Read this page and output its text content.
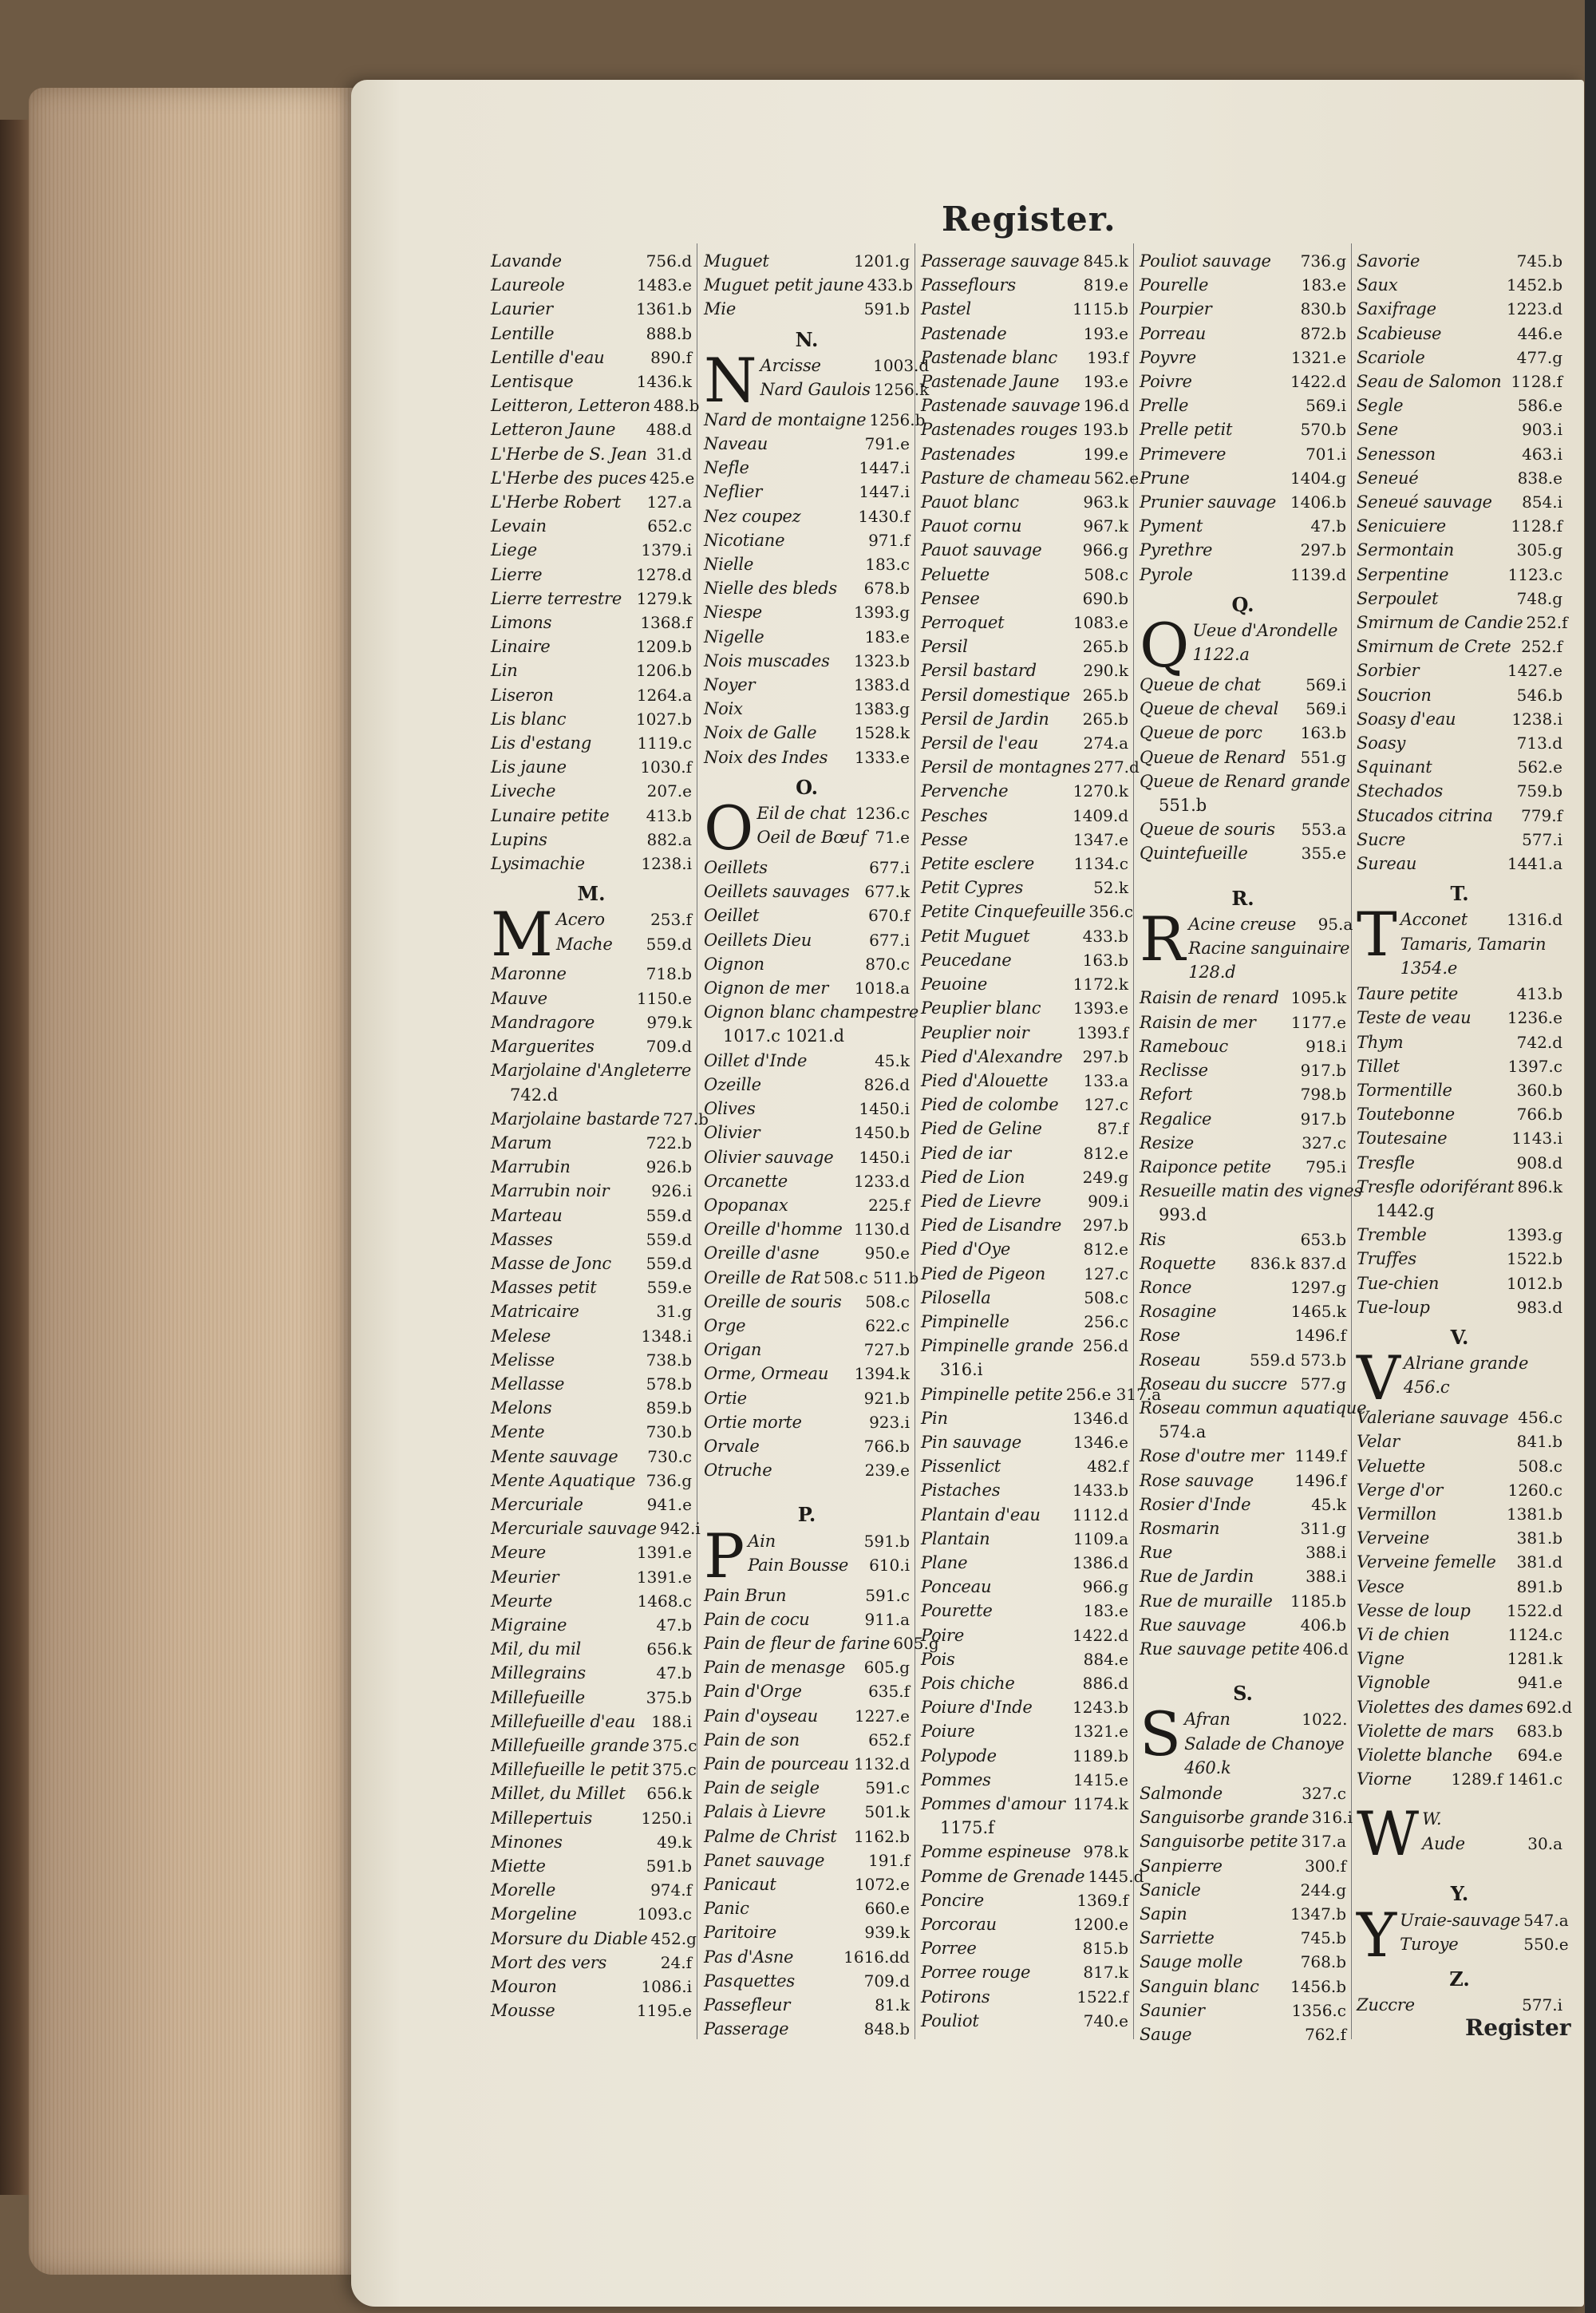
Register.
Lavande	756.d
Laureole	1483.e
Laurier	1361.b
Lentille	888.b
Lentille d'eau	890.f
Lentisque	1436.k
Leitteron, Letteron 488.b
Letteron Jaune 488.d
L'Herbe de S. Jean 31.d
L'Herbe des puces 425.e
L'Herbe Robert 127.a
Levain	652.c
Liege	1379.i
Lierre	1278.d
Lierre terrestre 1279.k
Limons	1368.f
Linaire	1209.b
Lin	1206.b
Liseron	1264.a
Lis blanc	1027.b
Lis d'estang	1119.c
Lis jaune	1030.f
Liveche	207.e
Lunaire petite 413.b
Lupins	882.a
Lysimachie	1238.i
M.
M Acero	253.f
Mache 559.d
Maronne	718.b
Mauve	1150.e
Mandragore	979.k
Marguerites	709.d
Marjolaine d'Angleterre
742.d
Marjolaine bastarde 727.b
Marum	722.b
Marrubin	926.b
Marrubin noir	926.i
Marteau	559.d
Masses	559.d
Masse de Jonc 559.d
Masses petit	559.e
Matricaire	31.g
Melese	1348.i
Melisse	738.b
Mellasse	578.b
Melons	859.b
Mente	730.b
Mente sauvage 730.c
Mente Aquatique 736.g
Mercuriale	941.e
Mercuriale sauvage 942.i
Meure	1391.e
Meurier	1391.e
Meurte	1468.c
Migraine	47.b
Mil, du mil	656.k
Millegrains	47.b
Millefueille	375.b
Millefueille d'eau 188.i
Millefueille grande 375.c
Millefueille le petit 375.c
Millet, du Millet 656.k
Millepertuis	1250.i
Minones	49.k
Miette	591.b
Morelle	974.f
Morgeline	1093.c
Morsure du Diable 452.g
Mort des vers	24.f
Mouron	1086.i
Mousse	1195.e
Muguet	1201.g
Muguet petit jaune 433.b
Mie	591.b
N.
N Arcisse	1003.d
Nard Gaulois 1256.k
Nard de montaigne 1256.b
Naveau	791.e
Nefle	1447.i
Neflier	1447.i
Nez coupez	1430.f
Nicotiane	971.f
Nielle	183.c
Nielle des bleds 678.b
Niespe	1393.g
Nigelle	183.e
Nois muscades 1323.b
Noyer	1383.d
Noix	1383.g
Noix de Galle 1528.k
Noix des Indes 1333.e
O.
O Eil de chat 1236.c
Oeil de Bœuf 71.e
Oeillets	677.i
Oeillets sauvages 677.k
Oeillet	670.f
Oeillets Dieu	677.i
Oignon	870.c
Oignon de mer 1018.a
Oignon blanc champestre
1017.c 1021.d
Oillet d'Inde	45.k
Ozeille	826.d
Olives	1450.i
Olivier	1450.b
Olivier sauvage 1450.i
Orcanette	1233.d
Opopanax	225.f
Oreille d'homme 1130.d
Oreille d'asne	950.e
Oreille de Rat 508.c 511.b
Oreille de souris 508.c
Orge	622.c
Origan	727.b
Orme, Ormeau 1394.k
Ortie	921.b
Ortie morte	923.i
Orvale	766.b
Otruche	239.e
P.
P Ain	591.b
Pain Bousse 610.i
Pain Brun	591.c
Pain de cocu	911.a
Pain de fleur de farine 605.g
Pain de menasge 605.g
Pain d'Orge	635.f
Pain d'oyseau 1227.e
Pain de son	652.f
Pain de pourceau 1132.d
Pain de seigle	591.c
Palais à Lievre 501.k
Palme de Christ 1162.b
Panet sauvage	191.f
Panicaut	1072.e
Panic	660.e
Paritoire	939.k
Pas d'Asne	1616.dd
Pasquettes	709.d
Passefleur	81.k
Passerage	848.b
Passerage sauvage 845.k
Passeflours	819.e
Pastel	1115.b
Pastenade	193.e
Pastenade blanc 193.f
Pastenade Jaune 193.e
Pastenade sauvage 196.d
Pastenades rouges 193.b
Pastenades	199.e
Pasture de chameau 562.e
Pauot blanc	963.k
Pauot cornu	967.k
Pauot sauvage	966.g
Peluette	508.c
Pensee	690.b
Perroquet	1083.e
Persil	265.b
Persil bastard	290.k
Persil domestique 265.b
Persil de Jardin 265.b
Persil de l'eau	274.a
Persil de montagnes 277.d
Pervenche	1270.k
Pesches	1409.d
Pesse	1347.e
Petite esclere 1134.c
Petit Cypres	52.k
Petite Cinquefeuille 356.c
Petit Muguet	433.b
Peucedane	163.b
Peuoine	1172.k
Peuplier blanc 1393.e
Peuplier noir	1393.f
Pied d'Alexandre 297.b
Pied d'Alouette 133.a
Pied de colombe 127.c
Pied de Geline	87.f
Pied de iar	812.e
Pied de Lion	249.g
Pied de Lievre	909.i
Pied de Lisandre 297.b
Pied d'Oye	812.e
Pied de Pigeon 127.c
Pilosella	508.c
Pimpinelle	256.c
Pimpinelle grande 256.d
316.i
Pimpinelle petite 256.e 317.a
Pin	1346.d
Pin sauvage	1346.e
Pissenlict	482.f
Pistaches	1433.b
Plantain d'eau 1112.d
Plantain	1109.a
Plane	1386.d
Ponceau	966.g
Pourette	183.e
Poire	1422.d
Pois	884.e
Pois chiche	886.d
Poiure d'Inde	1243.b
Poiure	1321.e
Polypode	1189.b
Pommes	1415.e
Pommes d'amour 1174.k
1175.f
Pomme espineuse 978.k
Pomme de Grenade 1445.d
Poncire	1369.f
Porcorau	1200.e
Porree	815.b
Porree rouge	817.k
Potirons	1522.f
Pouliot	740.e
Pouliot sauvage 736.g
Pourelle	183.e
Pourpier	830.b
Porreau	872.b
Poyvre	1321.e
Poivre	1422.d
Prelle	569.i
Prelle petit	570.b
Primevere	701.i
Prune	1404.g
Prunier sauvage 1406.b
Pyment	47.b
Pyrethre	297.b
Pyrole	1139.d
Q.
Q Ueue d'Arondelle
1122.a
Queue de chat	569.i
Queue de cheval 569.i
Queue de porc 163.b
Queue de Renard 551.g
Queue de Renard grande
551.b
Queue de souris 553.a
Quintefueille	355.e
R.
R Acine creuse 95.a
Racine sanguinaire
128.d
Raisin de renard 1095.k
Raisin de mer 1177.e
Ramebouc	918.i
Reclisse	917.b
Refort	798.b
Regalice	917.b
Resize	327.c
Raiponce petite 795.i
Resueille matin des vignes
993.d
Ris	653.b
Roquette 836.k 837.d
Ronce	1297.g
Rosagine	1465.k
Rose	1496.f
Roseau	559.d 573.b
Roseau du succre 577.g
Roseau commun aquatique
574.a
Rose d'outre mer 1149.f
Rose sauvage	1496.f
Rosier d'Inde	45.k
Rosmarin	311.g
Rue	388.i
Rue de Jardin	388.i
Rue de muraille 1185.b
Rue sauvage	406.b
Rue sauvage petite 406.d
S.
S Afran	1022.
Salade de Chanoye
460.k
Salmonde	327.c
Sanguisorbe grande 316.i
Sanguisorbe petite 317.a
Sanpierre	300.f
Sanicle	244.g
Sapin	1347.b
Sarriette	745.b
Sauge molle	768.b
Sanguin blanc 1456.b
Saunier	1356.c
Sauge	762.f
Savorie	745.b
Saux	1452.b
Saxifrage	1223.d
Scabieuse	446.e
Scariole	477.g
Seau de Salomon 1128.f
Segle	586.e
Sene	903.i
Senesson	463.i
Seneué	838.e
Seneué sauvage 854.i
Senicuiere	1128.f
Sermontain	305.g
Serpentine	1123.c
Serpoulet	748.g
Smirnum de Candie 252.f
Smirnum de Crete 252.f
Sorbier	1427.e
Soucrion	546.b
Soasy d'eau	1238.i
Soasy	713.d
Squinant	562.e
Stechados	759.b
Stucados citrina 779.f
Sucre	577.i
Sureau	1441.a
T.
T Acconet 1316.d
Tamaris, Tamarin
1354.e
Taure petite	413.b
Teste de veau 1236.e
Thym	742.d
Tillet	1397.c
Tormentille	360.b
Toutebonne	766.b
Toutesaine	1143.i
Tresfle	908.d
Tresfle odoriférant 896.k
1442.g
Tremble	1393.g
Truffes	1522.b
Tue-chien	1012.b
Tue-loup	983.d
V.
V Alriane grande
456.c
Valeriane sauvage 456.c
Velar	841.b
Veluette	508.c
Verge d'or	1260.c
Vermillon	1381.b
Verveine	381.b
Verveine femelle 381.d
Vesce	891.b
Vesse de loup 1522.d
Vi de chien	1124.c
Vigne	1281.k
Vignoble	941.e
Violettes des dames 692.d
Violette de mars 683.b
Violette blanche 694.e
Viorne 1289.f 1461.c
W W.
Aude	30.a
Y.
Y Uraie-sauvage 547.a
Turoye	550.e
Z.
Zuccre	577.i
Register
